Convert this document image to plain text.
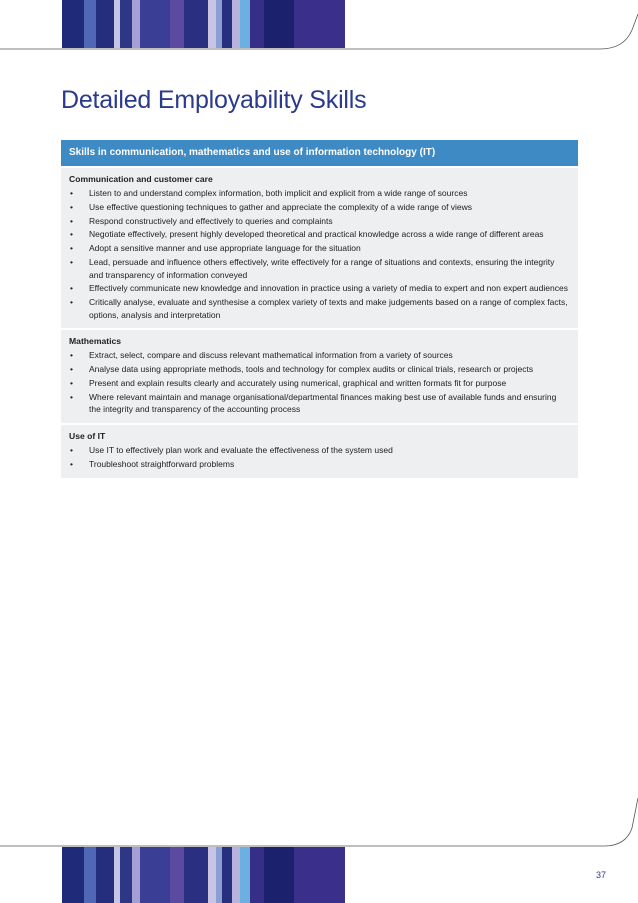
Detailed Employability Skills
Skills in communication, mathematics and use of information technology (IT)
Communication and customer care
• Listen to and understand complex information, both implicit and explicit from a wide range of sources
• Use effective questioning techniques to gather and appreciate the complexity of a wide range of views
• Respond constructively and effectively to queries and complaints
• Negotiate effectively, present highly developed theoretical and practical knowledge across a wide range of different areas
• Adopt a sensitive manner and use appropriate language for the situation
• Lead, persuade and influence others effectively, write effectively for a range of situations and contexts, ensuring the integrity and transparency of information conveyed
• Effectively communicate new knowledge and innovation in practice using a variety of media to expert and non expert audiences
• Critically analyse, evaluate and synthesise a complex variety of texts and make judgements based on a range of complex facts, options, analysis and interpretation
Mathematics
• Extract, select, compare and discuss relevant mathematical information from a variety of sources
• Analyse data using appropriate methods, tools and technology for complex audits or clinical trials, research or projects
• Present and explain results clearly and accurately using numerical, graphical and written formats fit for purpose
• Where relevant maintain and manage organisational/departmental finances making best use of available funds and ensuring the integrity and transparency of the accounting process
Use of IT
• Use IT to effectively plan work and evaluate the effectiveness of the system used
• Troubleshoot straightforward problems
37
